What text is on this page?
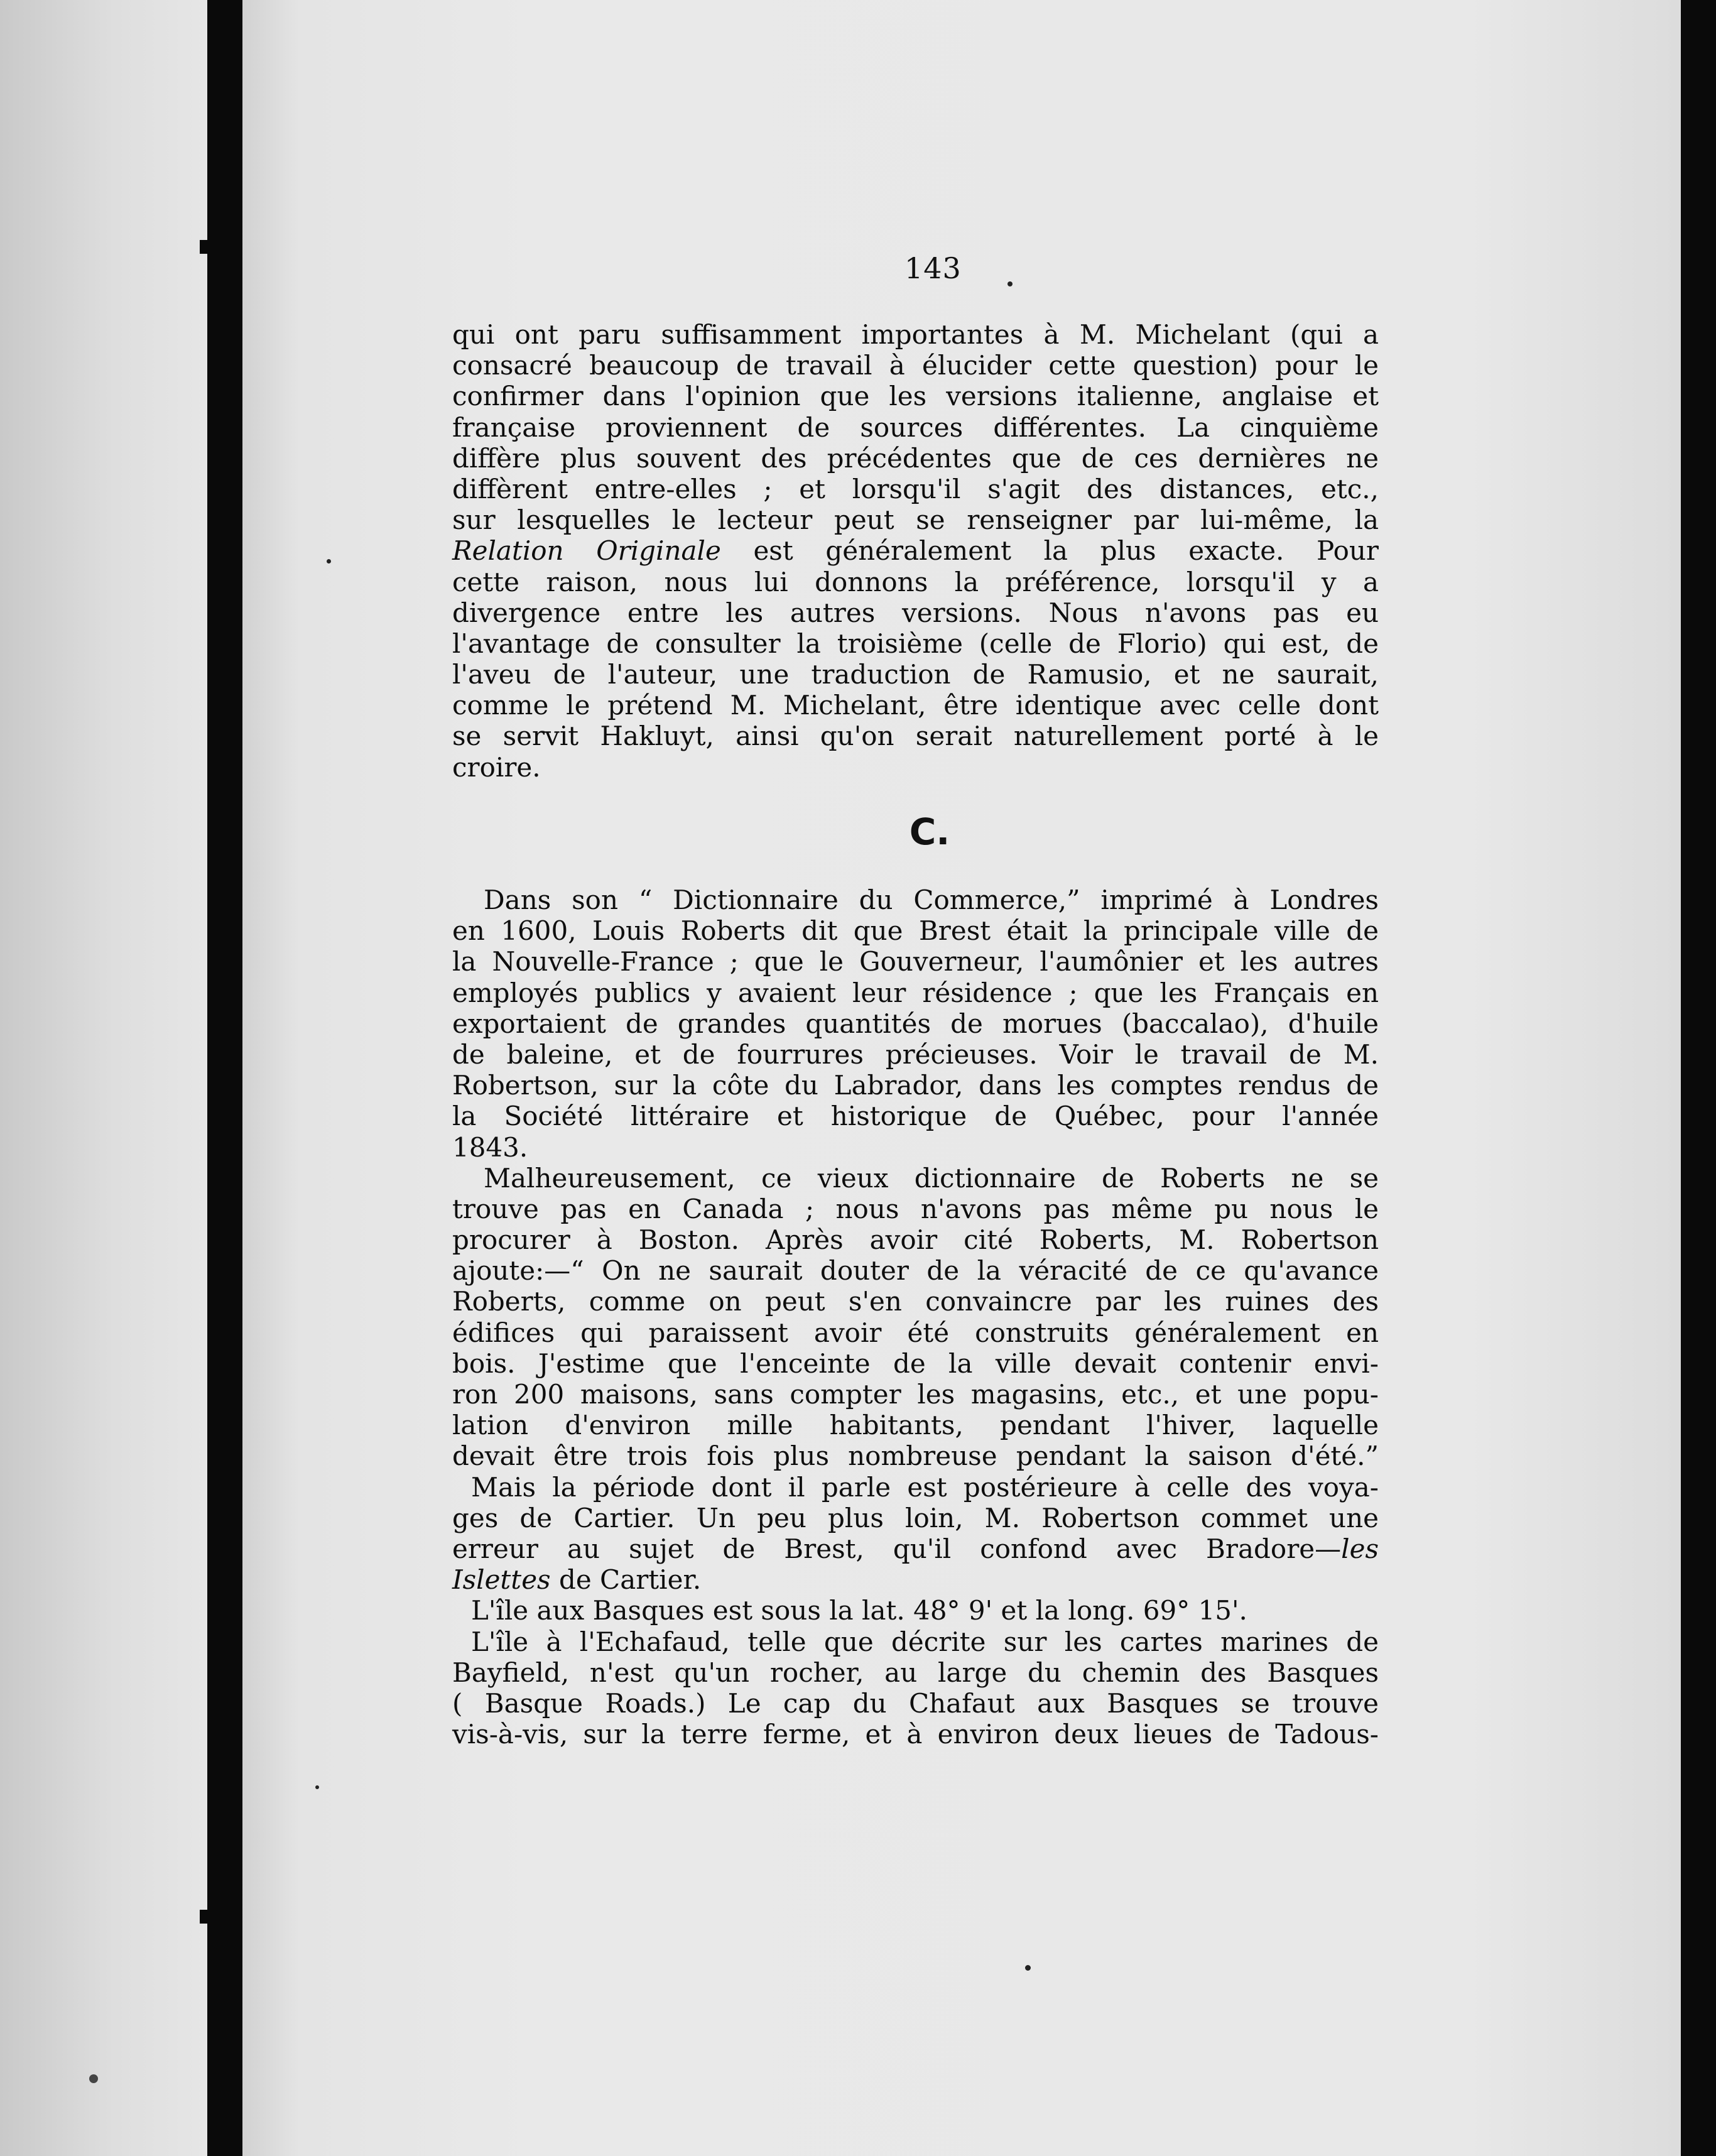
143
qui ont paru suffisamment importantes à M. Michelant (qui a
consacré beaucoup de travail à élucider cette question) pour le
confirmer dans l'opinion que les versions italienne, anglaise et
française proviennent de sources différentes. La cinquième
diffère plus souvent des précédentes que de ces dernières ne
diffèrent entre-elles ; et lorsqu'il s'agit des distances, etc.,
sur lesquelles le lecteur peut se renseigner par lui-même, la
Relation Originale est généralement la plus exacte. Pour
cette raison, nous lui donnons la préférence, lorsqu'il y a
divergence entre les autres versions. Nous n'avons pas eu
l'avantage de consulter la troisième (celle de Florio) qui est, de
l'aveu de l'auteur, une traduction de Ramusio, et ne saurait,
comme le prétend M. Michelant, être identique avec celle dont
se servit Hakluyt, ainsi qu'on serait naturellement porté à le
croire.
C.
Dans son “ Dictionnaire du Commerce,” imprimé à Londres
en 1600, Louis Roberts dit que Brest était la principale ville de
la Nouvelle-France ; que le Gouverneur, l'aumônier et les autres
employés publics y avaient leur résidence ; que les Français en
exportaient de grandes quantités de morues (baccalao), d'huile
de baleine, et de fourrures précieuses. Voir le travail de M.
Robertson, sur la côte du Labrador, dans les comptes rendus de
la Société littéraire et historique de Québec, pour l'année
1843.
Malheureusement, ce vieux dictionnaire de Roberts ne se
trouve pas en Canada ; nous n'avons pas même pu nous le
procurer à Boston. Après avoir cité Roberts, M. Robertson
ajoute:—“ On ne saurait douter de la véracité de ce qu'avance
Roberts, comme on peut s'en convaincre par les ruines des
édifices qui paraissent avoir été construits généralement en
bois. J'estime que l'enceinte de la ville devait contenir envi-
ron 200 maisons, sans compter les magasins, etc., et une popu-
lation d'environ mille habitants, pendant l'hiver, laquelle
devait être trois fois plus nombreuse pendant la saison d'été.”
Mais la période dont il parle est postérieure à celle des voya-
ges de Cartier. Un peu plus loin, M. Robertson commet une
erreur au sujet de Brest, qu'il confond avec Bradore—les
Islettes de Cartier.
L'île aux Basques est sous la lat. 48° 9' et la long. 69° 15'.
L'île à l'Echafaud, telle que décrite sur les cartes marines de
Bayfield, n'est qu'un rocher, au large du chemin des Basques
( Basque Roads.) Le cap du Chafaut aux Basques se trouve
vis-à-vis, sur la terre ferme, et à environ deux lieues de Tadous-
